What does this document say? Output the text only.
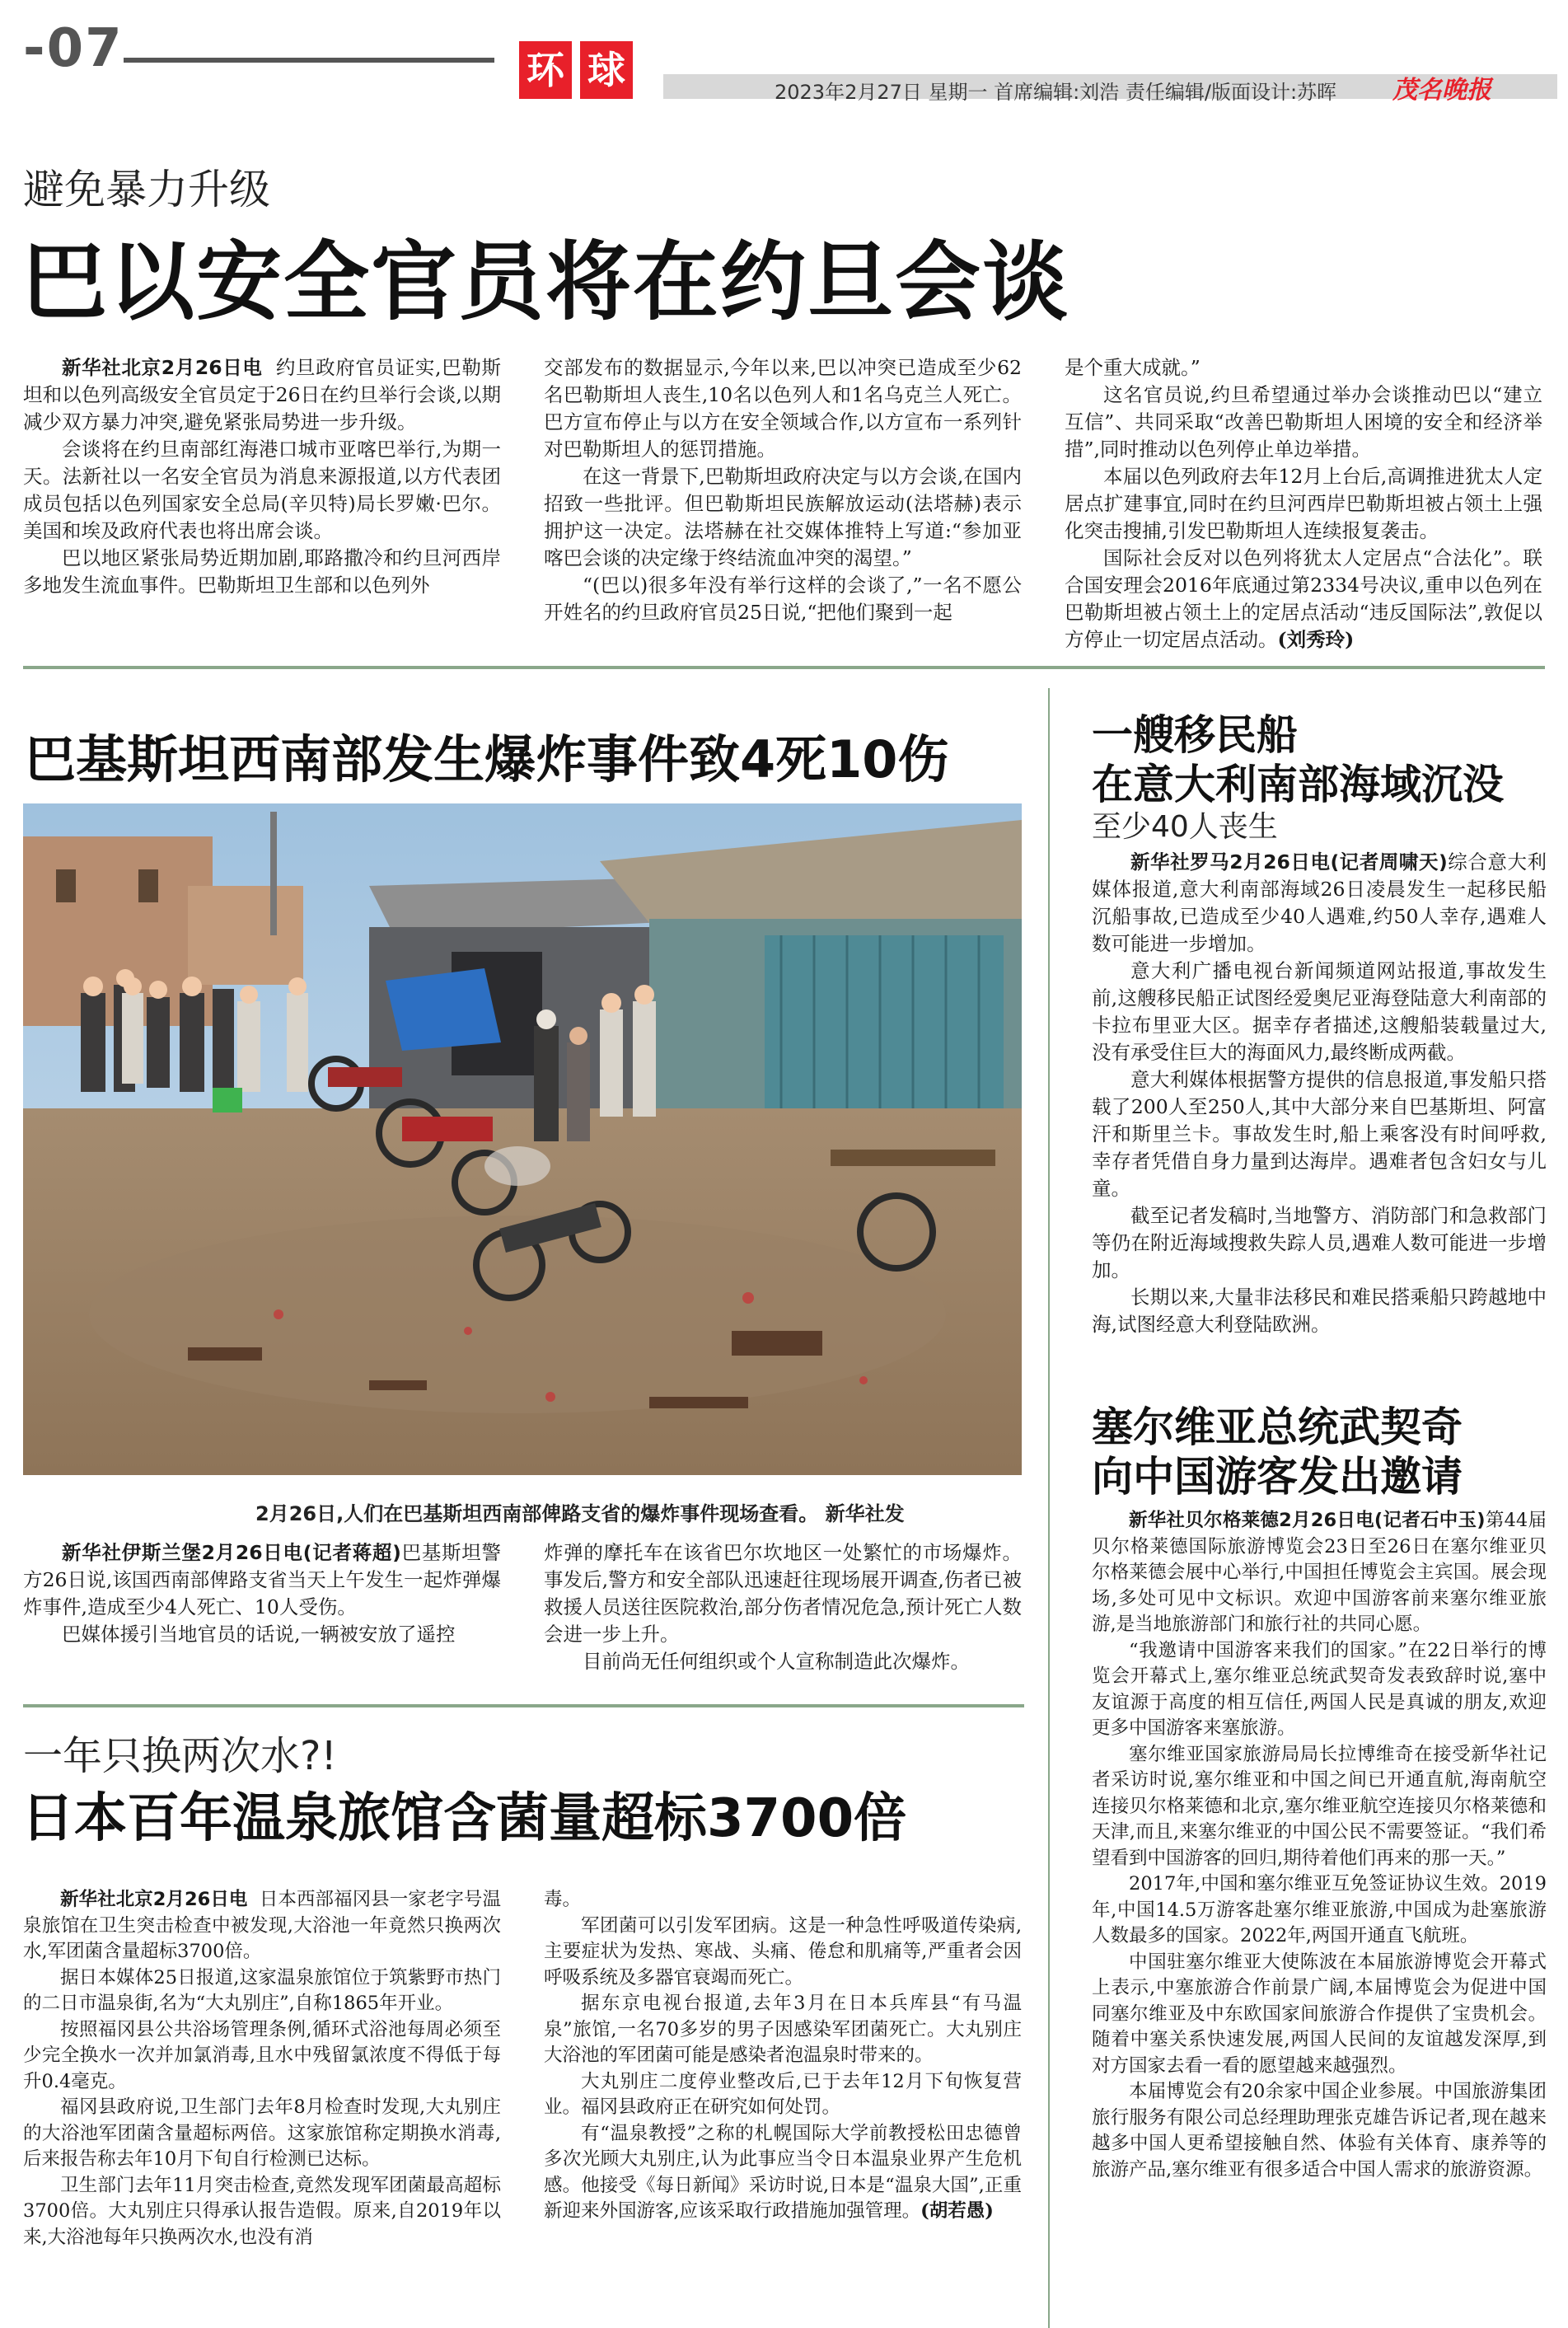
-07	环 球	2023年2月27日 星期一 首席编辑:刘浩 责任编辑/版面设计:苏晖 茂名晚报
避免暴力升级
巴以安全官员将在约旦会谈

新华社北京2月26日电 约旦政府官员证实,巴勒斯坦和以色列高级安全官员定于26日在约旦举行会谈,以期减少双方暴力冲突,避免紧张局势进一步升级。

会谈将在约旦南部红海港口城市亚喀巴举行,为期一天。法新社以一名安全官员为消息来源报道,以方代表团成员包括以色列国家安全总局(辛贝特)局长罗嫩·巴尔。美国和埃及政府代表也将出席会谈。

巴以地区紧张局势近期加剧,耶路撒冷和约旦河西岸多地发生流血事件。巴勒斯坦卫生部和以色列外

交部发布的数据显示,今年以来,巴以冲突已造成至少62名巴勒斯坦人丧生,10名以色列人和1名乌克兰人死亡。巴方宣布停止与以方在安全领域合作,以方宣布一系列针对巴勒斯坦人的惩罚措施。

在这一背景下,巴勒斯坦政府决定与以方会谈,在国内招致一些批评。但巴勒斯坦民族解放运动(法塔赫)表示拥护这一决定。法塔赫在社交媒体推特上写道:“参加亚喀巴会谈的决定缘于终结流血冲突的渴望。”

“(巴以)很多年没有举行这样的会谈了,”一名不愿公开姓名的约旦政府官员25日说,“把他们聚到一起

是个重大成就。”

这名官员说,约旦希望通过举办会谈推动巴以“建立互信”、共同采取“改善巴勒斯坦人困境的安全和经济举措”,同时推动以色列停止单边举措。

本届以色列政府去年12月上台后,高调推进犹太人定居点扩建事宜,同时在约旦河西岸巴勒斯坦被占领土上强化突击搜捕,引发巴勒斯坦人连续报复袭击。

国际社会反对以色列将犹太人定居点“合法化”。联合国安理会2016年底通过第2334号决议,重申以色列在巴勒斯坦被占领土上的定居点活动“违反国际法”,敦促以方停止一切定居点活动。(刘秀玲)

巴基斯坦西南部发生爆炸事件致4死10伤
2月26日,人们在巴基斯坦西南部俾路支省的爆炸事件现场查看。 新华社发

新华社伊斯兰堡2月26日电(记者蒋超)巴基斯坦警方26日说,该国西南部俾路支省当天上午发生一起炸弹爆炸事件,造成至少4人死亡、10人受伤。

巴媒体援引当地官员的话说,一辆被安放了遥控

炸弹的摩托车在该省巴尔坎地区一处繁忙的市场爆炸。事发后,警方和安全部队迅速赶往现场展开调查,伤者已被救援人员送往医院救治,部分伤者情况危急,预计死亡人数会进一步上升。

目前尚无任何组织或个人宣称制造此次爆炸。

一艘移民船
在意大利南部海域沉没
至少40人丧生

新华社罗马2月26日电(记者周啸天)综合意大利媒体报道,意大利南部海域26日凌晨发生一起移民船沉船事故,已造成至少40人遇难,约50人幸存,遇难人数可能进一步增加。

意大利广播电视台新闻频道网站报道,事故发生前,这艘移民船正试图经爱奥尼亚海登陆意大利南部的卡拉布里亚大区。据幸存者描述,这艘船装载量过大,没有承受住巨大的海面风力,最终断成两截。

意大利媒体根据警方提供的信息报道,事发船只搭载了200人至250人,其中大部分来自巴基斯坦、阿富汗和斯里兰卡。事故发生时,船上乘客没有时间呼救,幸存者凭借自身力量到达海岸。遇难者包含妇女与儿童。

截至记者发稿时,当地警方、消防部门和急救部门等仍在附近海域搜救失踪人员,遇难人数可能进一步增加。

长期以来,大量非法移民和难民搭乘船只跨越地中海,试图经意大利登陆欧洲。

塞尔维亚总统武契奇
向中国游客发出邀请

新华社贝尔格莱德2月26日电(记者石中玉)第44届贝尔格莱德国际旅游博览会23日至26日在塞尔维亚贝尔格莱德会展中心举行,中国担任博览会主宾国。展会现场,多处可见中文标识。欢迎中国游客前来塞尔维亚旅游,是当地旅游部门和旅行社的共同心愿。

“我邀请中国游客来我们的国家。”在22日举行的博览会开幕式上,塞尔维亚总统武契奇发表致辞时说,塞中友谊源于高度的相互信任,两国人民是真诚的朋友,欢迎更多中国游客来塞旅游。

塞尔维亚国家旅游局局长拉博维奇在接受新华社记者采访时说,塞尔维亚和中国之间已开通直航,海南航空连接贝尔格莱德和北京,塞尔维亚航空连接贝尔格莱德和天津,而且,来塞尔维亚的中国公民不需要签证。“我们希望看到中国游客的回归,期待着他们再来的那一天。”

2017年,中国和塞尔维亚互免签证协议生效。2019年,中国14.5万游客赴塞尔维亚旅游,中国成为赴塞旅游人数最多的国家。2022年,两国开通直飞航班。

中国驻塞尔维亚大使陈波在本届旅游博览会开幕式上表示,中塞旅游合作前景广阔,本届博览会为促进中国同塞尔维亚及中东欧国家间旅游合作提供了宝贵机会。随着中塞关系快速发展,两国人民间的友谊越发深厚,到对方国家去看一看的愿望越来越强烈。

本届博览会有20余家中国企业参展。中国旅游集团旅行服务有限公司总经理助理张克雄告诉记者,现在越来越多中国人更希望接触自然、体验有关体育、康养等的旅游产品,塞尔维亚有很多适合中国人需求的旅游资源。

一年只换两次水?!
日本百年温泉旅馆含菌量超标3700倍

新华社北京2月26日电 日本西部福冈县一家老字号温泉旅馆在卫生突击检查中被发现,大浴池一年竟然只换两次水,军团菌含量超标3700倍。

据日本媒体25日报道,这家温泉旅馆位于筑紫野市热门的二日市温泉街,名为“大丸别庄”,自称1865年开业。

按照福冈县公共浴场管理条例,循环式浴池每周必须至少完全换水一次并加氯消毒,且水中残留氯浓度不得低于每升0.4毫克。

福冈县政府说,卫生部门去年8月检查时发现,大丸别庄的大浴池军团菌含量超标两倍。这家旅馆称定期换水消毒,后来报告称去年10月下旬自行检测已达标。

卫生部门去年11月突击检查,竟然发现军团菌最高超标3700倍。大丸别庄只得承认报告造假。原来,自2019年以来,大浴池每年只换两次水,也没有消

毒。

军团菌可以引发军团病。这是一种急性呼吸道传染病,主要症状为发热、寒战、头痛、倦怠和肌痛等,严重者会因呼吸系统及多器官衰竭而死亡。

据东京电视台报道,去年3月在日本兵库县“有马温泉”旅馆,一名70多岁的男子因感染军团菌死亡。大丸别庄大浴池的军团菌可能是感染者泡温泉时带来的。

大丸别庄二度停业整改后,已于去年12月下旬恢复营业。福冈县政府正在研究如何处罚。

有“温泉教授”之称的札幌国际大学前教授松田忠德曾多次光顾大丸别庄,认为此事应当令日本温泉业界产生危机感。他接受《每日新闻》采访时说,日本是“温泉大国”,正重新迎来外国游客,应该采取行政措施加强管理。(胡若愚)
